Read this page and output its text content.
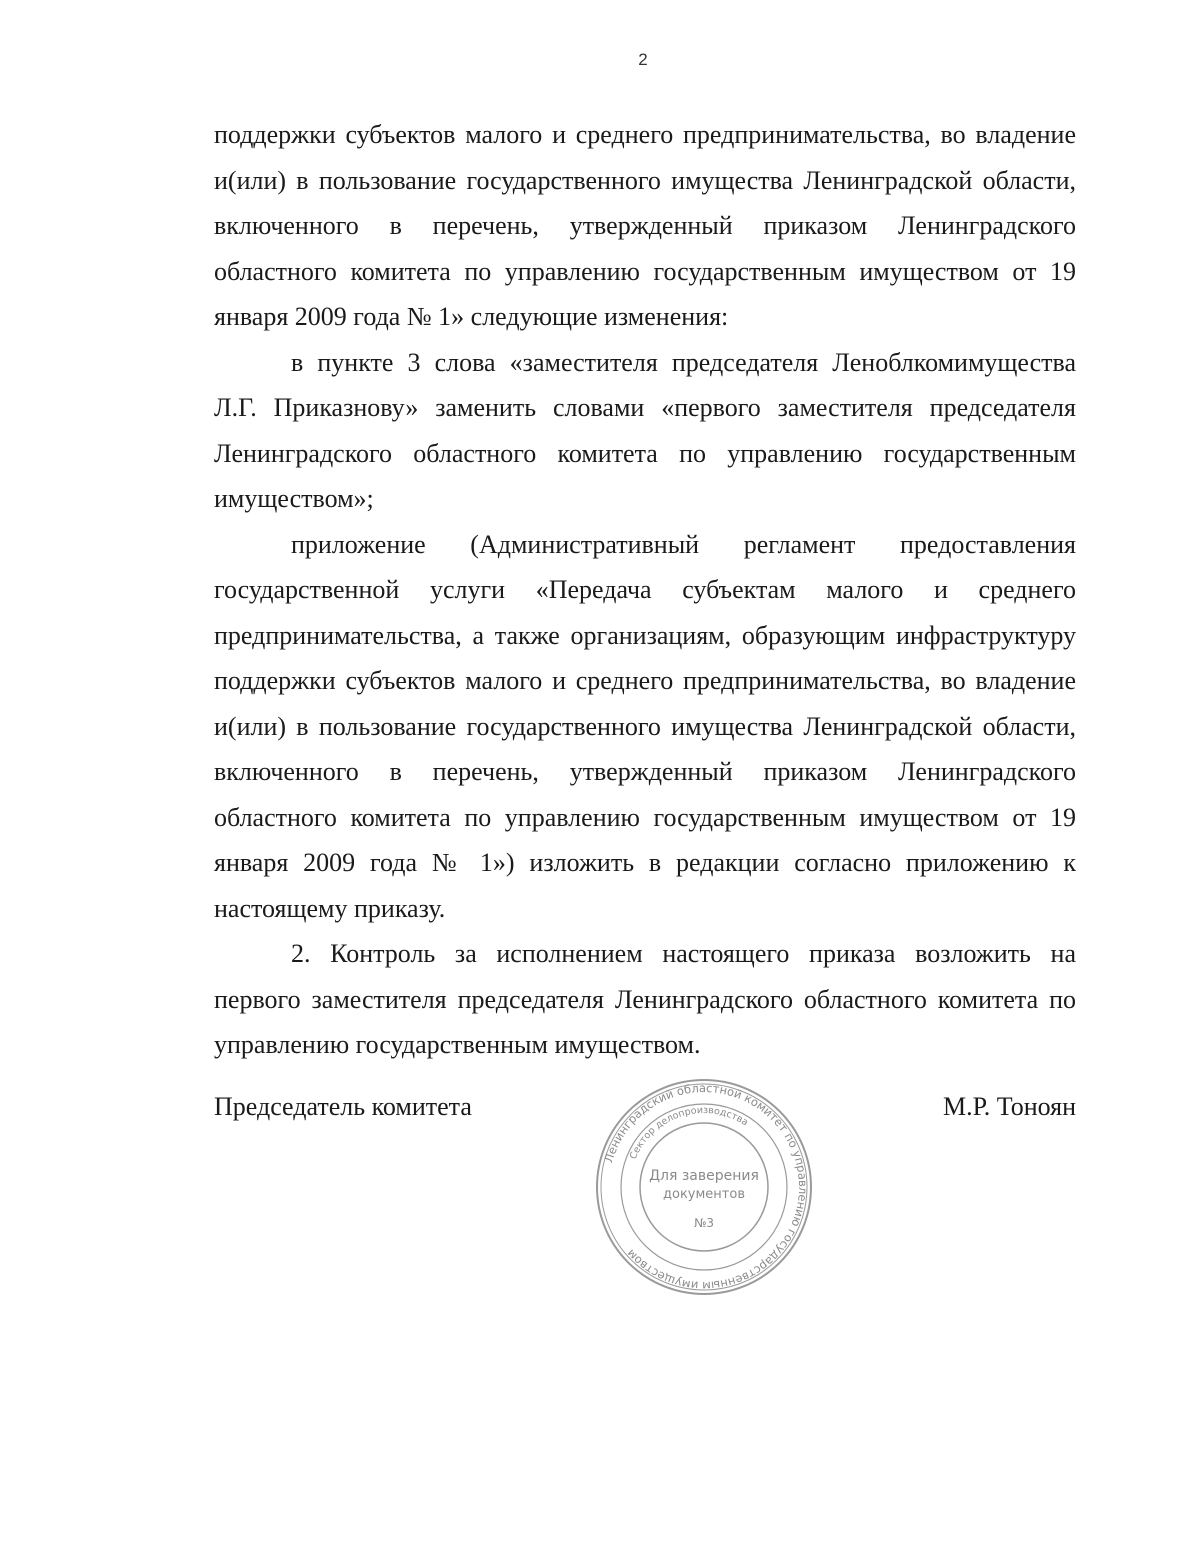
2

поддержки субъектов малого и среднего предпринимательства, во владение и(или) в пользование государственного имущества Ленинградской области, включенного в перечень, утвержденный приказом Ленинградского областного комитета по управлению государственным имуществом от 19 января 2009 года № 1» следующие изменения:

в пункте 3 слова «заместителя председателя Леноблкомимущества Л.Г. Приказнову» заменить словами «первого заместителя председателя Ленинградского областного комитета по управлению государственным имуществом»;

приложение (Административный регламент предоставления государственной услуги «Передача субъектам малого и среднего предпринимательства, а также организациям, образующим инфраструктуру поддержки субъектов малого и среднего предпринимательства, во владение и(или) в пользование государственного имущества Ленинградской области, включенного в перечень, утвержденный приказом Ленинградского областного комитета по управлению государственным имуществом от 19 января 2009 года № 1») изложить в редакции согласно приложению к настоящему приказу.

2. Контроль за исполнением настоящего приказа возложить на первого заместителя председателя Ленинградского областного комитета по управлению государственным имуществом.

Председатель комитета	М.Р. Тоноян
Ленинградский областной комитет по управлению государственным имуществом
Сектор делопроизводства
Для заверения
документов
№3
